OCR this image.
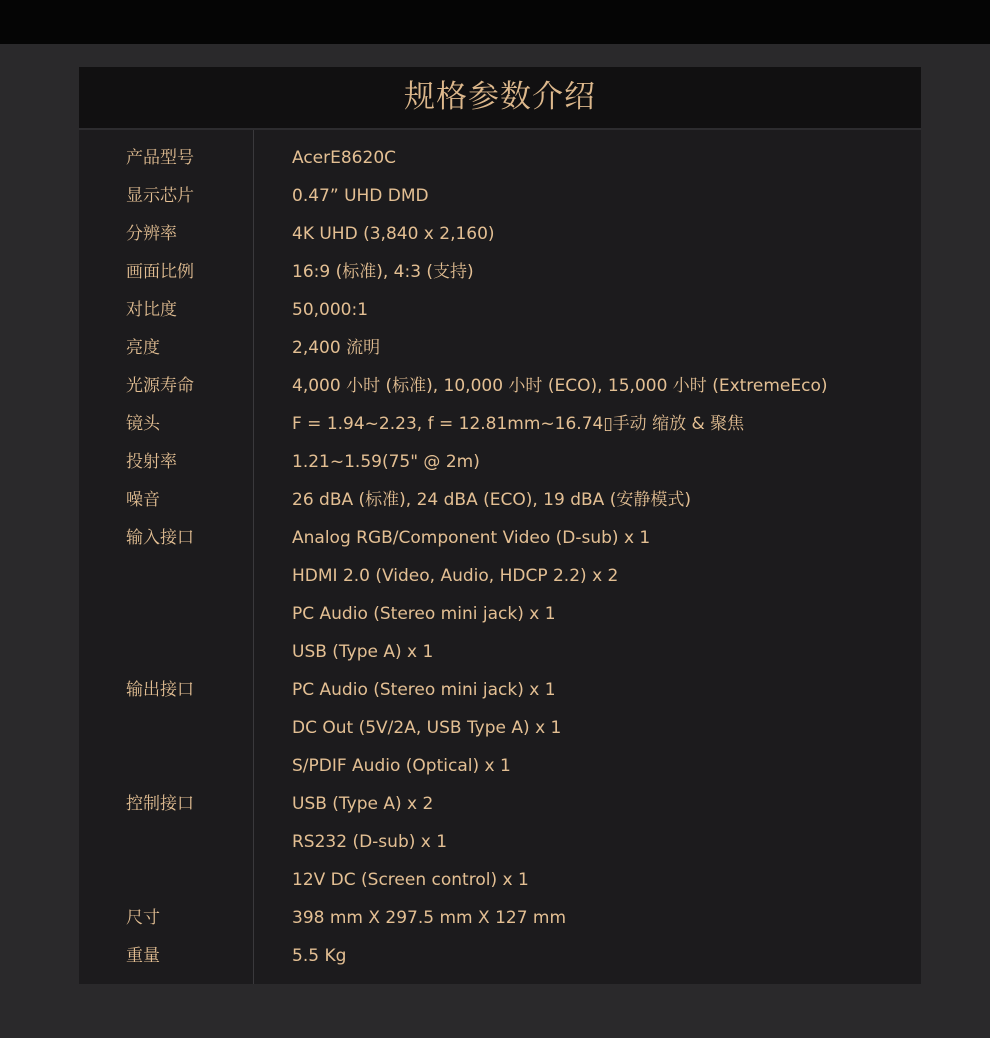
规格参数介绍
产品型号	AcerE8620C
显示芯片	0.47” UHD DMD
分辨率	4K UHD (3,840 x 2,160)
画面比例	16:9 (标准), 4:3 (支持)
对比度	50,000:1
亮度	2,400 流明
光源寿命	4,000 小时 (标准), 10,000 小时 (ECO), 15,000 小时 (ExtremeEco)
镜头	F = 1.94~2.23, f = 12.81mm~16.74▯手动 缩放 & 聚焦
投射率	1.21~1.59(75" @ 2m)
噪音	26 dBA (标准), 24 dBA (ECO), 19 dBA (安静模式)
输入接口	Analog RGB/Component Video (D-sub) x 1
HDMI 2.0 (Video, Audio, HDCP 2.2) x 2
PC Audio (Stereo mini jack) x 1
USB (Type A) x 1
输出接口	PC Audio (Stereo mini jack) x 1
DC Out (5V/2A, USB Type A) x 1
S/PDIF Audio (Optical) x 1
控制接口	USB (Type A) x 2
RS232 (D-sub) x 1
12V DC (Screen control) x 1
尺寸	398 mm X 297.5 mm X 127 mm
重量	5.5 Kg
